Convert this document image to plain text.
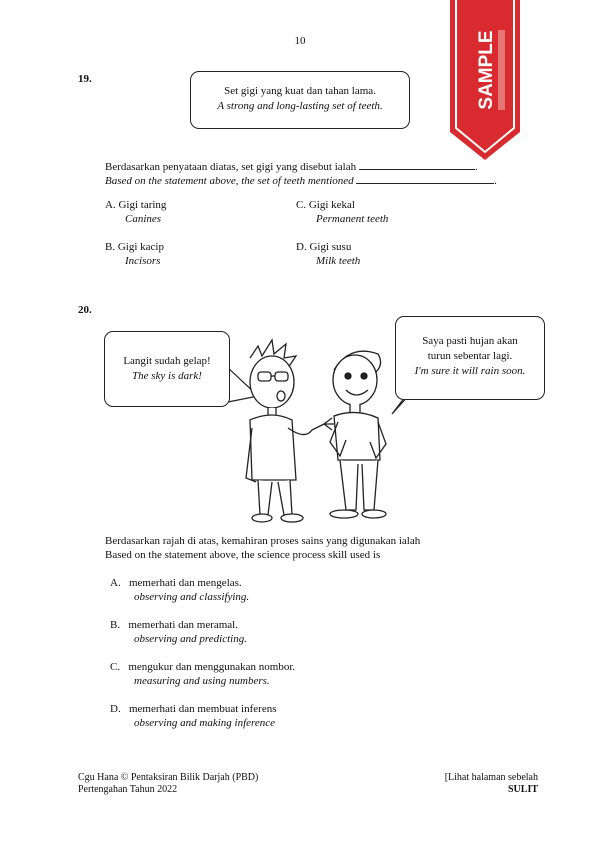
10	SAMPLE
19.
Set gigi yang kuat dan tahan lama.
A strong and long-lasting set of teeth.
Berdasarkan penyataan diatas, set gigi yang disebut ialah	.
Based on the statement above, the set of teeth mentioned	.
A. Gigi taring
Canines
B. Gigi kacip
Incisors
C. Gigi kekal
Permanent teeth
D. Gigi susu
Milk teeth
20.
Langit sudah gelap!
The sky is dark!
Saya pasti hujan akan
turun sebentar lagi.
I'm sure it will rain soon.
Berdasarkan rajah di atas, kemahiran proses sains yang digunakan ialah
Based on the statement above, the science process skill used is
A. memerhati dan mengelas.
observing and classifying.
B. memerhati dan meramal.
observing and predicting.
C. mengukur dan menggunakan nombor.
measuring and using numbers.
D. memerhati dan membuat inferens
observing and making inference
Cgu Hana © Pentaksiran Bilik Darjah (PBD)
Pertengahan Tahun 2022
[Lihat halaman sebelah
SULIT
